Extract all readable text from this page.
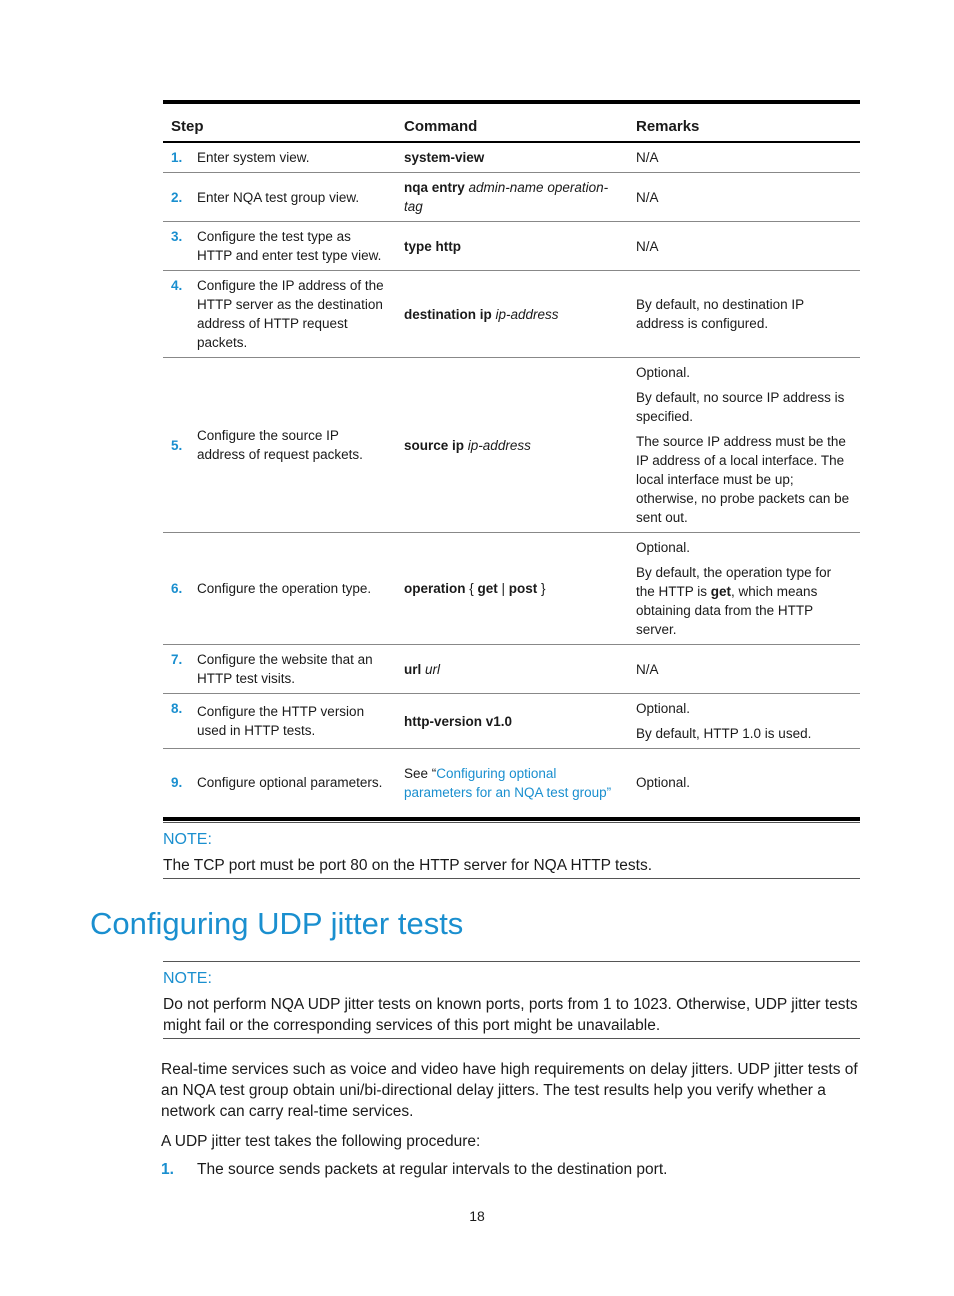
Step		Command	Remarks
1.	Enter system view.	system-view	N/A

2.	Enter NQA test group view.	nqa entry admin-name operation-tag	N/A

3.	Configure the test type as HTTP and enter test type view.	type http	N/A

4.	Configure the IP address of the HTTP server as the destination address of HTTP request packets.	destination ip ip-address	By default, no destination IP address is configured.

5.	Configure the source IP address of request packets.	source ip ip-address	Optional.

By default, no source IP address is specified.

The source IP address must be the IP address of a local interface. The local interface must be up; otherwise, no probe packets can be sent out.

6.	Configure the operation type.	operation { get | post }	Optional.

By default, the operation type for the HTTP is get, which means obtaining data from the HTTP server.

7.	Configure the website that an HTTP test visits.	url url	N/A

8.	Configure the HTTP version used in HTTP tests.	http-version v1.0	Optional.

By default, HTTP 1.0 is used.

9.	Configure optional parameters.	See “Configuring optional parameters for an NQA test group”	Optional.

NOTE:
The TCP port must be port 80 on the HTTP server for NQA HTTP tests.
Configuring UDP jitter tests
NOTE:
Do not perform NQA UDP jitter tests on known ports, ports from 1 to 1023. Otherwise, UDP jitter tests might fail or the corresponding services of this port might be unavailable.

Real-time services such as voice and video have high requirements on delay jitters. UDP jitter tests of an NQA test group obtain uni/bi-directional delay jitters. The test results help you verify whether a network can carry real-time services.

A UDP jitter test takes the following procedure:

1. The source sends packets at regular intervals to the destination port.
18
